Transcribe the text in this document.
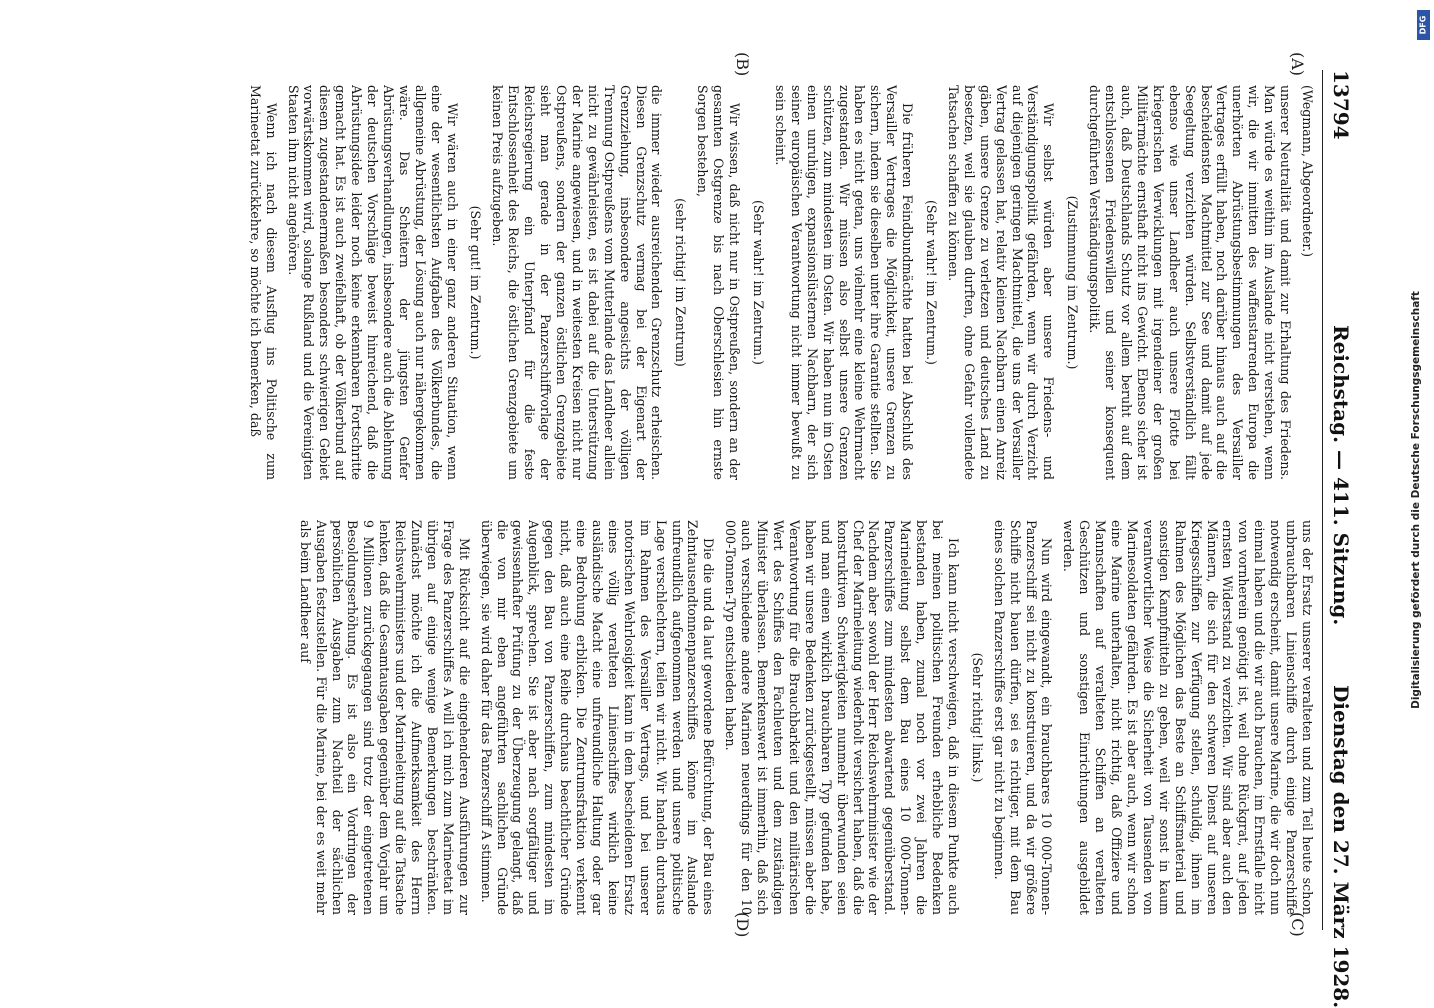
13794
Reichstag. — 411. Sitzung.
Dienstag den 27. März 1928.
(A)
(B)
(C)
(D)

(Wegmann, Abgeordneter.)

unserer Neutralität und damit zur Erhaltung des Friedens. Man würde es weithin im Auslande nicht verstehen, wenn wir, die wir inmitten des waffenstarrenden Europa die unerhörten Abrüstungsbestimmungen des Versailler Vertrages erfüllt haben, noch darüber hinaus auch auf die bescheidensten Machtmittel zur See und damit auf jede Seegeltung verzichten würden. Selbstverständlich fällt ebenso wie unser Landheer auch unsere Flotte bei kriegerischen Verwicklungen mit irgendeiner der großen Militärmächte ernsthaft nicht ins Gewicht. Ebenso sicher ist auch, daß Deutschlands Schutz vor allem beruht auf dem entschlossenen Friedenswillen und seiner konsequent durchgeführten Verständigungspolitik.

(Zustimmung im Zentrum.)

Wir selbst würden aber unsere Friedens- und Verständigungspolitik gefährden, wenn wir durch Verzicht auf diejenigen geringen Machtmittel, die uns der Versailler Vertrag gelassen hat, relativ kleinen Nachbarn einen Anreiz gäben, unsere Grenze zu verletzen und deutsches Land zu besetzen, weil sie glauben durften, ohne Gefahr vollendete Tatsachen schaffen zu können.

(Sehr wahr! im Zentrum.)

Die früheren Feindbundmächte hatten bei Abschluß des Versailler Vertrages die Möglichkeit, unsere Grenzen zu sichern, indem sie dieselben unter ihre Garantie stellten. Sie haben es nicht getan, uns vielmehr eine kleine Wehrmacht zugestanden. Wir müssen also selbst unsere Grenzen schützen, zum mindesten im Osten. Wir haben nun im Osten einen unruhigen, expansionslüsternen Nachbarn, der sich seiner europäischen Verantwortung nicht immer bewußt zu sein scheint.

(Sehr wahr! im Zentrum.)

Wir wissen, daß nicht nur in Ostpreußen, sondern an der gesamten Ostgrenze bis nach Oberschlesien hin ernste Sorgen bestehen,

(sehr richtig! im Zentrum)

die immer wieder ausreichenden Grenzschutz erheischen. Diesen Grenzschutz vermag bei der Eigenart der Grenzziehung, insbesondere angesichts der völligen Trennung Ostpreußens vom Mutterlande das Landheer allein nicht zu gewährleisten, es ist dabei auf die Unterstützung der Marine angewiesen, und in weitesten Kreisen nicht nur Ostpreußens, sondern der ganzen östlichen Grenzgebiete sieht man gerade in der Panzerschiffvorlage der Reichsregierung ein Unterpfand für die feste Entschlossenheit des Reichs, die östlichen Grenzgebiete um keinen Preis aufzugeben.

(Sehr gut! im Zentrum.)

Wir wären auch in einer ganz anderen Situation, wenn eine der wesentlichsten Aufgaben des Völkerbundes, die allgemeine Abrüstung, der Lösung auch nur nähergekommen wäre. Das Scheitern der jüngsten Genfer Abrüstungsverhandlungen, insbesondere auch die Ablehnung der deutschen Vorschläge beweist hinreichend, daß die Abrüstungsidee leider noch keine erkennbaren Fortschritte gemacht hat. Es ist auch zweifelhaft, ob der Völkerbund auf diesem zugestandenermaßen besonders schwierigen Gebiet vorwärtskommen wird, solange Rußland und die Vereinigten Staaten ihm nicht angehören.

Wenn ich nach diesem Ausflug ins Politische zum Marineetat zurückkehre, so möchte ich bemerken, daß

uns der Ersatz unserer veralteten und zum Teil heute schon unbrauchbaren Linienschiffe durch einige Panzerschiffe notwendig erscheint, damit unsere Marine, die wir doch nun einmal haben und die wir auch brauchen, im Ernstfalle nicht von vornherein genötigt ist, weil ohne Rückgrat, auf jeden ernsten Widerstand zu verzichten. Wir sind aber auch den Männern, die sich für den schweren Dienst auf unseren Kriegsschiffen zur Verfügung stellen, schuldig, ihnen im Rahmen des Möglichen das Beste an Schiffsmaterial und sonstigen Kampfmitteln zu geben, weil wir sonst in kaum verantwortlicher Weise die Sicherheit von Tausenden von Marinesoldaten gefährden. Es ist aber auch, wenn wir schon eine Marine unterhalten, nicht richtig, daß Offiziere und Mannschaften auf veralteten Schiffen an veralteten Geschützen und sonstigen Einrichtungen ausgebildet werden.

Nun wird eingewandt, ein brauchbares 10 000-Tonnen-Panzerschiff sei nicht zu konstruieren, und da wir größere Schiffe nicht bauen dürfen, sei es richtiger, mit dem Bau eines solchen Panzerschiffes erst gar nicht zu beginnen.

(Sehr richtig! links.)

Ich kann nicht verschweigen, daß in diesem Punkte auch bei meinen politischen Freunden erhebliche Bedenken bestanden haben, zumal noch vor zwei Jahren die Marineleitung selbst dem Bau eines 10 000-Tonnen-Panzerschiffes zum mindesten abwartend gegenüberstand. Nachdem aber sowohl der Herr Reichswehrminister wie der Chef der Marineleitung wiederholt versichert haben, daß die konstruktiven Schwierigkeiten nunmehr überwunden seien und man einen wirklich brauchbaren Typ gefunden habe, haben wir unsere Bedenken zurückgestellt, müssen aber die Verantwortung für die Brauchbarkeit und den militärischen Wert des Schiffes den Fachleuten und dem zuständigen Minister überlassen. Bemerkenswert ist immerhin, daß sich auch verschiedene andere Marinen neuerdings für den 10 000-Tonnen-Typ entschieden haben.

Die die und da laut gewordene Befürchtung, der Bau eines Zehntausendtonnenpanzerschiffes könne im Auslande unfreundlich aufgenommen werden und unsere politische Lage verschlechtern, teilen wir nicht. Wir handeln durchaus im Rahmen des Versailler Vertrags, und bei unserer notorischen Wehrlosigkeit kann in dem bescheidenen Ersatz eines völlig veralteten Linienschiffes wirklich keine ausländische Macht eine unfreundliche Haltung oder gar eine Bedrohung erblicken. Die Zentrumsfraktion verkennt nicht, daß auch eine Reihe durchaus beachtlicher Gründe gegen den Bau von Panzerschiffen, zum mindesten im Augenblick, sprechen. Sie ist aber nach sorgfältiger und gewissenhafter Prüfung zu der Überzeugung gelangt, daß die von mir eben angeführten sachlichen Gründe überwiegen, sie wird daher für das Panzerschiff A stimmen.

Mit Rücksicht auf die eingehenderen Ausführungen zur Frage des Panzerschiffes A will ich mich zum Marineetat im übrigen auf einige wenige Bemerkungen beschränken. Zunächst möchte ich die Aufmerksamkeit des Herrn Reichswehrministers und der Marineleitung auf die Tatsache lenken, daß die Gesamtausgaben gegenüber dem Vorjahr um 9 Millionen zurückgegangen sind trotz der eingetretenen Besoldungserhöhung. Es ist also ein Vordringen der persönlichen Ausgaben zum Nachteil der sächlichen Ausgaben festzustellen. Für die Marine, bei der es weit mehr als beim Landheer auf	Digitalisierung gefördert durch die Deutsche Forschungsgemeinschaft
DFG
